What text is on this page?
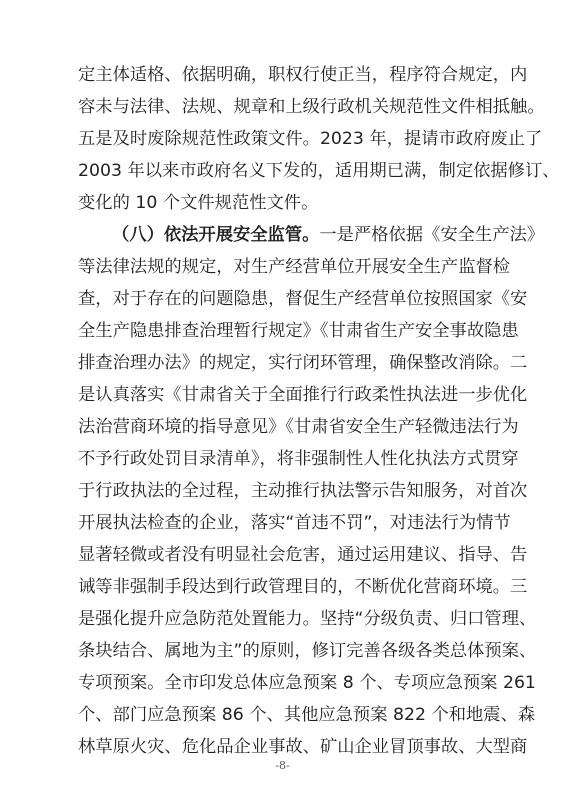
定主体适格、依据明确，职权行使正当，程序符合规定，内
容未与法律、法规、规章和上级行政机关规范性文件相抵触。
五是及时废除规范性政策文件。2023 年，提请市政府废止了
2003 年以来市政府名义下发的，适用期已满，制定依据修订、
变化的 10 个文件规范性文件。
（八）依法开展安全监管。一是严格依据《安全生产法》
等法律法规的规定，对生产经营单位开展安全生产监督检
查，对于存在的问题隐患，督促生产经营单位按照国家《安
全生产隐患排查治理暂行规定》《甘肃省生产安全事故隐患
排查治理办法》的规定，实行闭环管理，确保整改消除。二
是认真落实《甘肃省关于全面推行行政柔性执法进一步优化
法治营商环境的指导意见》《甘肃省安全生产轻微违法行为
不予行政处罚目录清单》，将非强制性人性化执法方式贯穿
于行政执法的全过程，主动推行执法警示告知服务，对首次
开展执法检查的企业，落实“首违不罚”，对违法行为情节
显著轻微或者没有明显社会危害，通过运用建议、指导、告
诫等非强制手段达到行政管理目的，不断优化营商环境。三
是强化提升应急防范处置能力。坚持“分级负责、归口管理、
条块结合、属地为主”的原则，修订完善各级各类总体预案、
专项预案。全市印发总体应急预案 8 个、专项应急预案 261
个、部门应急预案 86 个、其他应急预案 822 个和地震、森
林草原火灾、危化品企业事故、矿山企业冒顶事故、大型商
-8-
